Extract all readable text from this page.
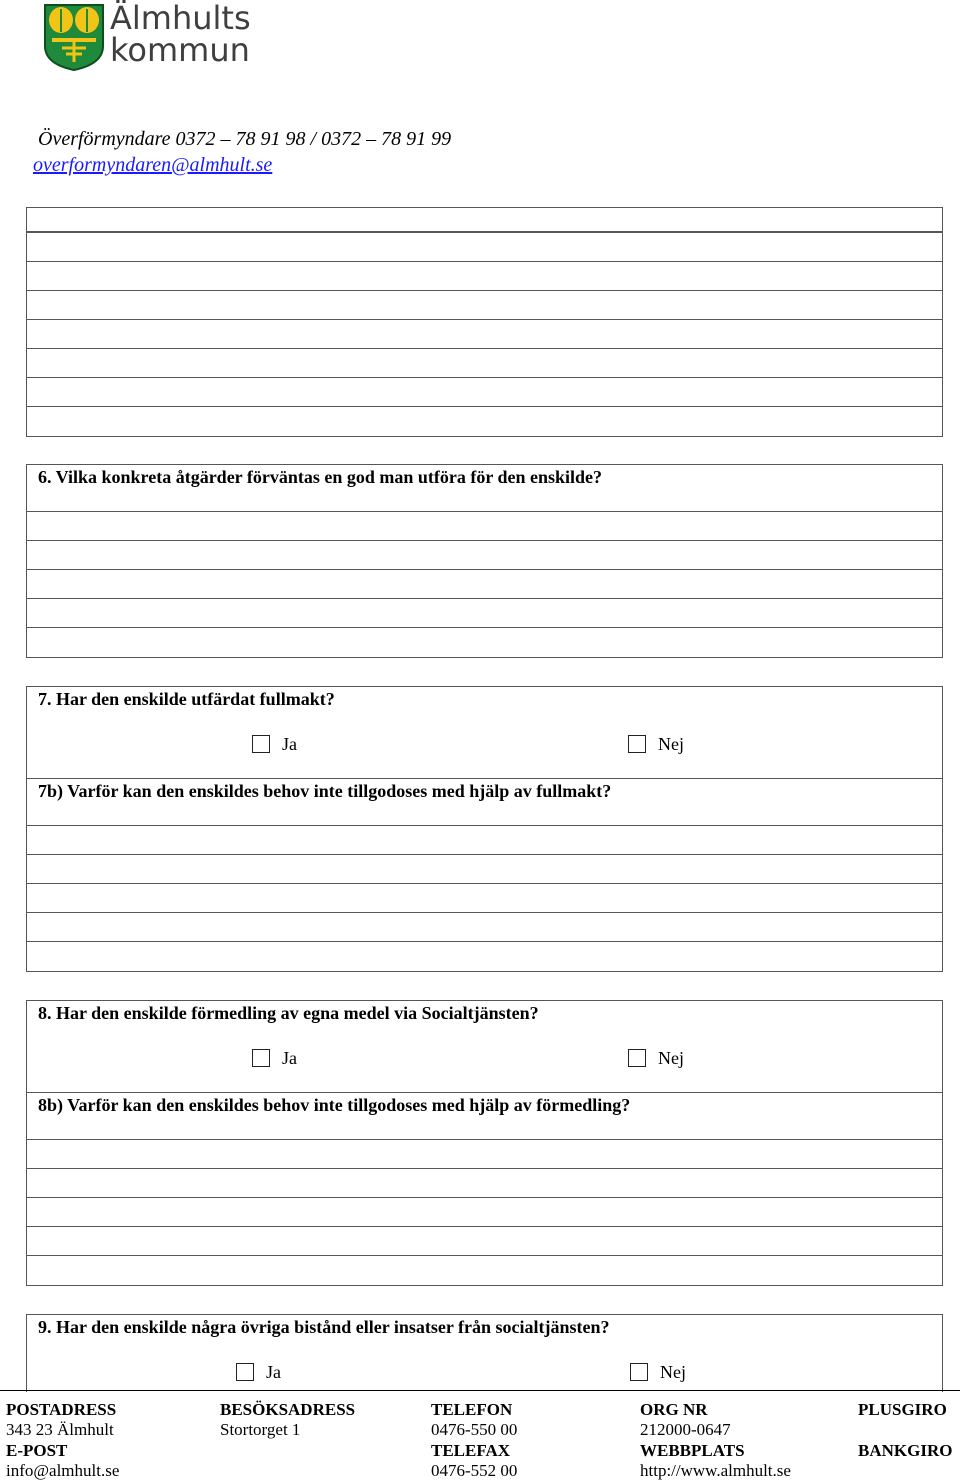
Älmhults
kommun
Överförmyndare 0372 – 78 91 98 / 0372 – 78 91 99
overformyndaren@almhult.se
6. Vilka konkreta åtgärder förväntas en god man utföra för den enskilde?
7. Har den enskilde utfärdat fullmakt?
Ja	Nej
7b) Varför kan den enskildes behov inte tillgodoses med hjälp av fullmakt?
8. Har den enskilde förmedling av egna medel via Socialtjänsten?
Ja	Nej
8b) Varför kan den enskildes behov inte tillgodoses med hjälp av förmedling?
9. Har den enskilde några övriga bistånd eller insatser från socialtjänsten?
Ja	Nej
POSTADRESS
343 23 Älmhult
E-POST
info@almhult.se
BESÖKSADRESS
Stortorget 1
TELEFON
0476-550 00
TELEFAX
0476-552 00
ORG NR
212000-0647
WEBBPLATS
http://www.almhult.se
PLUSGIRO
BANKGIRO
